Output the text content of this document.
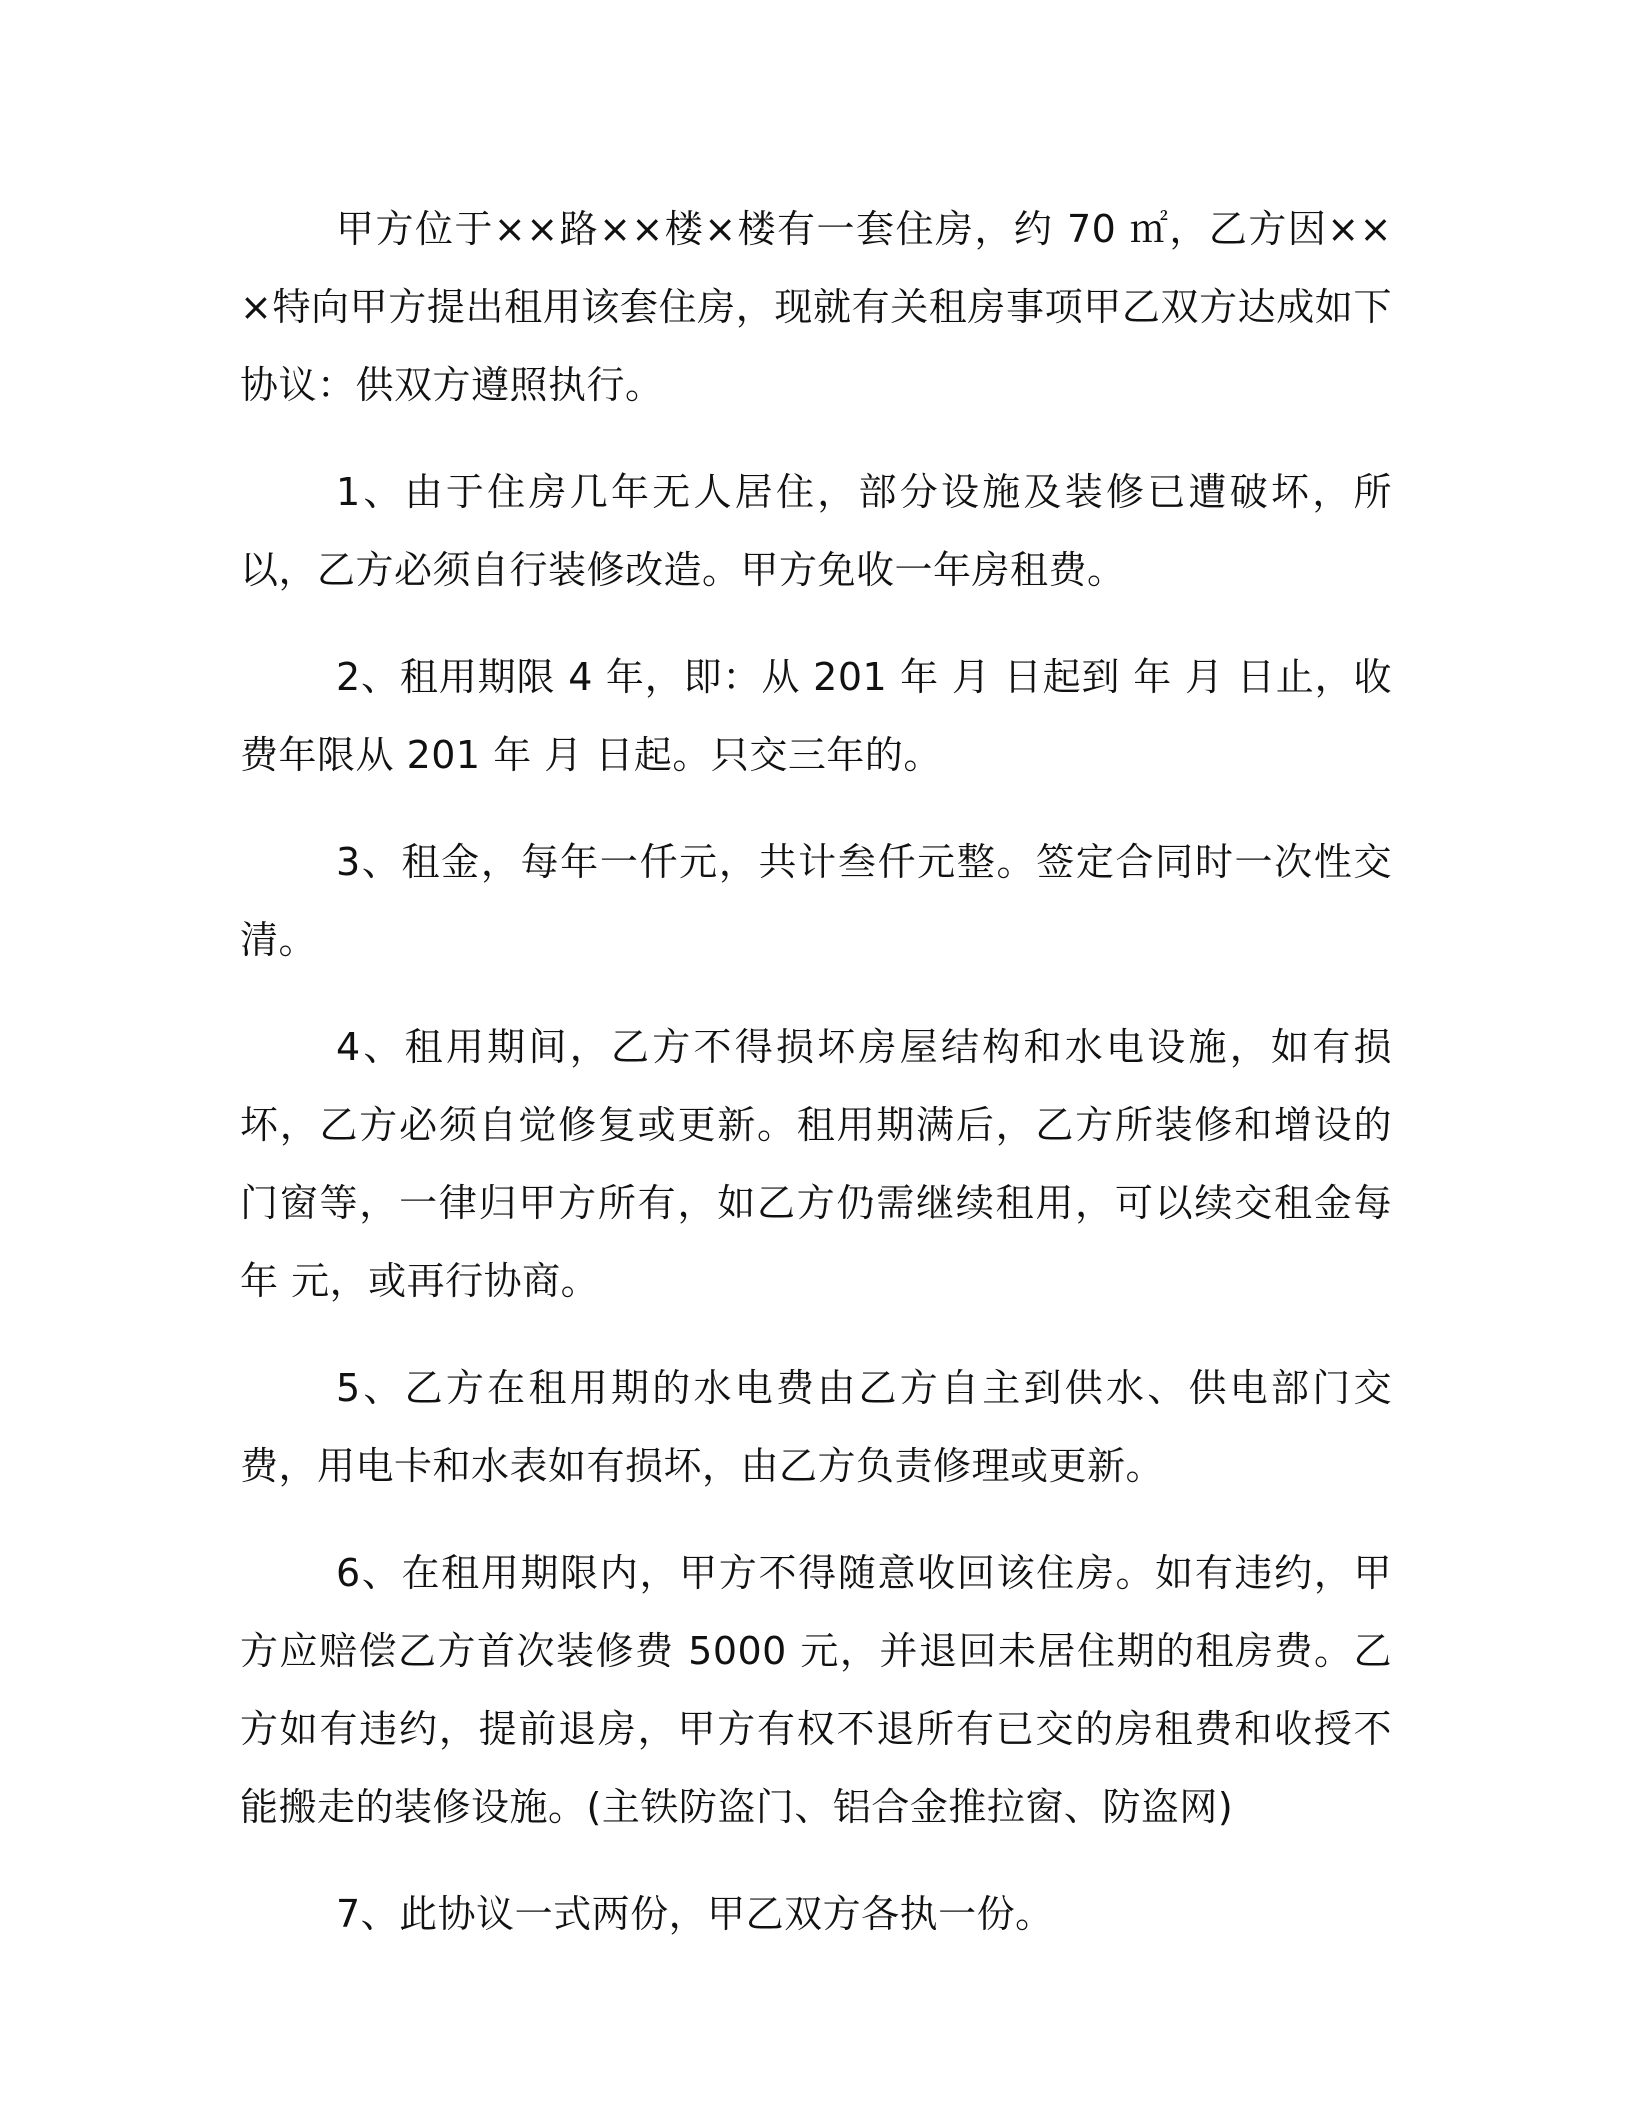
甲方位于××路××楼×楼有一套住房，约 70 ㎡，乙方因×××特向甲方提出租用该套住房，现就有关租房事项甲乙双方达成如下协议：供双方遵照执行。

1、由于住房几年无人居住，部分设施及装修已遭破坏，所以，乙方必须自行装修改造。甲方免收一年房租费。

2、租用期限 4 年，即：从 201 年 月 日起到 年 月 日止，收费年限从 201 年 月 日起。只交三年的。

3、租金，每年一仟元，共计叁仟元整。签定合同时一次性交清。

4、租用期间，乙方不得损坏房屋结构和水电设施，如有损坏，乙方必须自觉修复或更新。租用期满后，乙方所装修和增设的门窗等，一律归甲方所有，如乙方仍需继续租用，可以续交租金每年 元，或再行协商。

5、乙方在租用期的水电费由乙方自主到供水、供电部门交费，用电卡和水表如有损坏，由乙方负责修理或更新。

6、在租用期限内，甲方不得随意收回该住房。如有违约，甲方应赔偿乙方首次装修费 5000 元，并退回未居住期的租房费。乙方如有违约，提前退房，甲方有权不退所有已交的房租费和收授不能搬走的装修设施。(主铁防盗门、铝合金推拉窗、防盗网)

7、此协议一式两份，甲乙双方各执一份。
